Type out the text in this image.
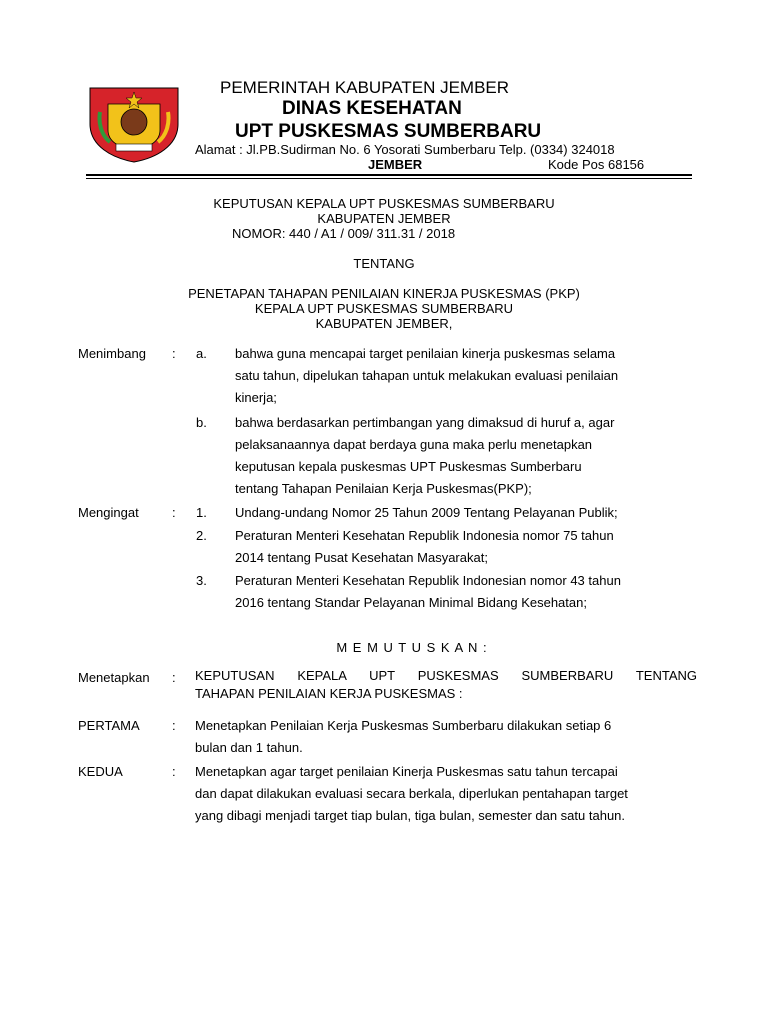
PEMERINTAH KABUPATEN JEMBER
DINAS KESEHATAN
UPT PUSKESMAS SUMBERBARU
Alamat : Jl.PB.Sudirman No. 6 Yosorati Sumberbaru Telp. (0334) 324018
JEMBER	Kode Pos 68156
KEPUTUSAN KEPALA UPT PUSKESMAS SUMBERBARU
KABUPATEN JEMBER
NOMOR: 440 / A1 / 009/ 311.31 / 2018
TENTANG
PENETAPAN TAHAPAN PENILAIAN KINERJA PUSKESMAS (PKP)
KEPALA UPT PUSKESMAS SUMBERBARU
KABUPATEN JEMBER,
Menimbang : a. bahwa guna mencapai target penilaian kinerja puskesmas selama
satu tahun, dipelukan tahapan untuk melakukan evaluasi penilaian
kinerja;
b. bahwa berdasarkan pertimbangan yang dimaksud di huruf a, agar
pelaksanaannya dapat berdaya guna maka perlu menetapkan
keputusan kepala puskesmas UPT Puskesmas Sumberbaru
tentang Tahapan Penilaian Kerja Puskesmas(PKP);
Mengingat	: 1. Undang-undang Nomor 25 Tahun 2009 Tentang Pelayanan Publik;
2. Peraturan Menteri Kesehatan Republik Indonesia nomor 75 tahun
2014 tentang Pusat Kesehatan Masyarakat;
3. Peraturan Menteri Kesehatan Republik Indonesian nomor 43 tahun
2016 tentang Standar Pelayanan Minimal Bidang Kesehatan;
M E M U T U S K A N :
Menetapkan : KEPUTUSAN KEPALA UPT PUSKESMAS SUMBERBARU TENTANG
TAHAPAN PENILAIAN KERJA PUSKESMAS :
PERTAMA : Menetapkan Penilaian Kerja Puskesmas Sumberbaru dilakukan setiap 6
bulan dan 1 tahun.
KEDUA	: Menetapkan agar target penilaian Kinerja Puskesmas satu tahun tercapai
dan dapat dilakukan evaluasi secara berkala, diperlukan pentahapan target
yang dibagi menjadi target tiap bulan, tiga bulan, semester dan satu tahun.
